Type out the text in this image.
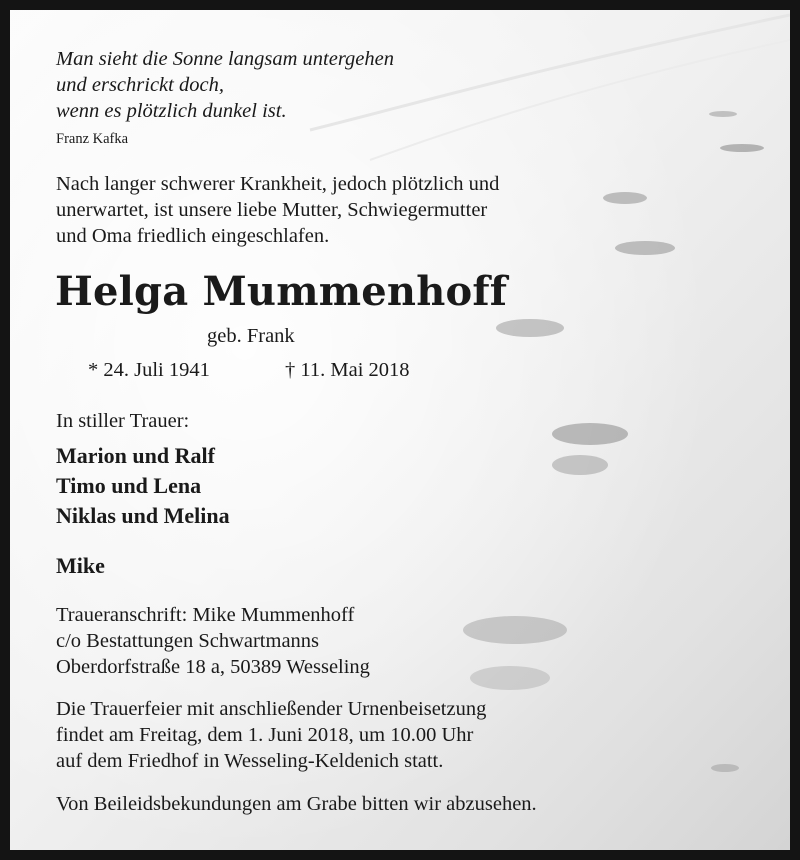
Man sieht die Sonne langsam untergehen
und erschrickt doch,
wenn es plötzlich dunkel ist.
Franz Kafka
Nach langer schwerer Krankheit, jedoch plötzlich und
unerwartet, ist unsere liebe Mutter, Schwiegermutter
und Oma friedlich eingeschlafen.
Helga Mummenhoff
geb. Frank
* 24. Juli 1941	† 11. Mai 2018
In stiller Trauer:
Marion und Ralf
Timo und Lena
Niklas und Melina
Mike
Traueranschrift: Mike Mummenhoff
c/o Bestattungen Schwartmanns
Oberdorfstraße 18 a, 50389 Wesseling
Die Trauerfeier mit anschließender Urnenbeisetzung
findet am Freitag, dem 1. Juni 2018, um 10.00 Uhr
auf dem Friedhof in Wesseling-Keldenich statt.
Von Beileidsbekundungen am Grabe bitten wir abzusehen.
